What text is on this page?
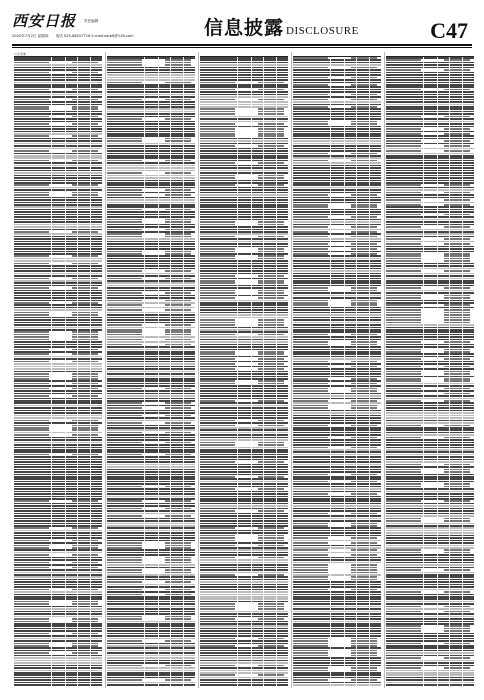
西安日报 责任编辑
2020年7月2日 星期四 电话 029-88207716 E-mail:xarbfj@126.com	信息披露 DISCLOSURE	C47
公示名单
